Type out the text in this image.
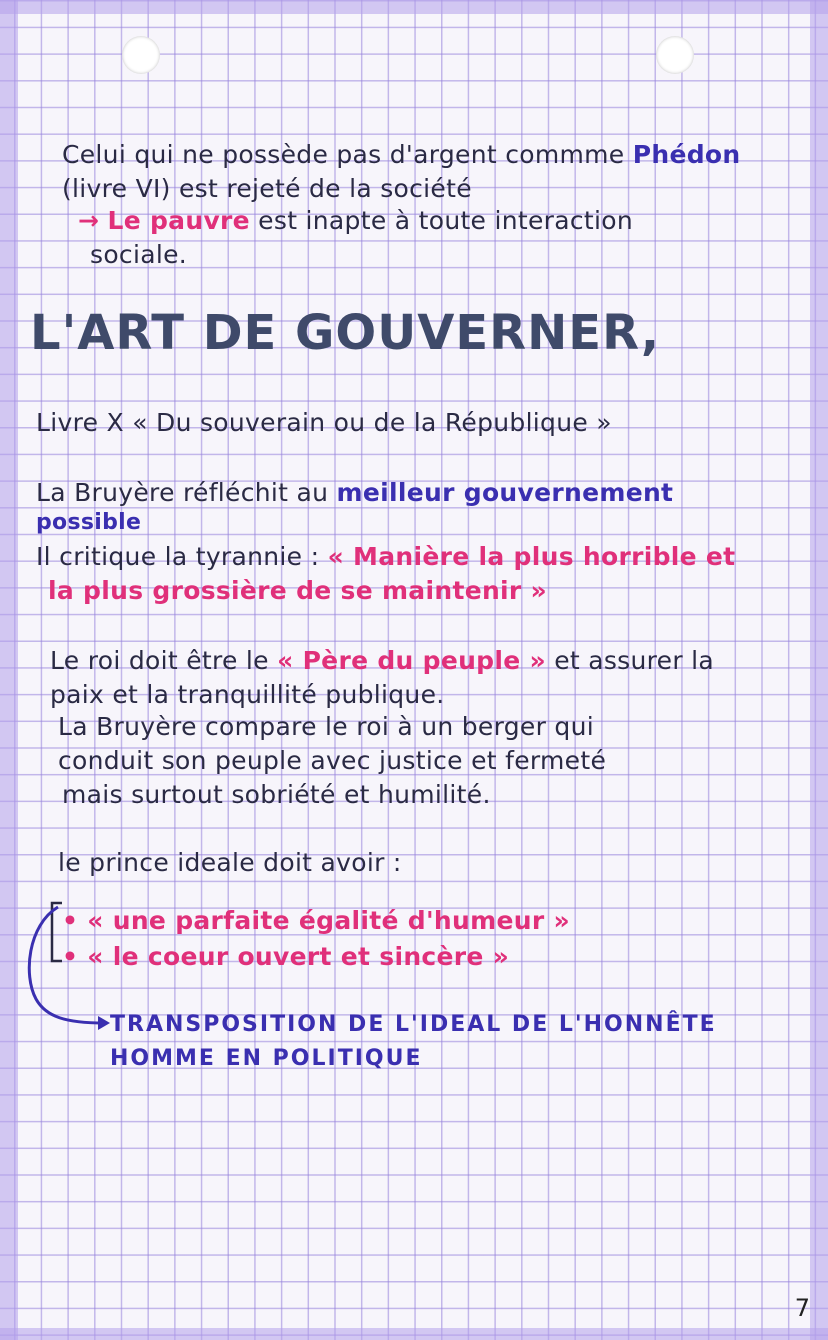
Celui qui ne possède pas d'argent commme Phédon
(livre VI) est rejeté de la société
→ Le pauvre est inapte à toute interaction
sociale.
L'ART DE GOUVERNER,
Livre X « Du souverain ou de la République »
La Bruyère réfléchit au meilleur gouvernement
possible
Il critique la tyrannie : « Manière la plus horrible et
la plus grossière de se maintenir »
Le roi doit être le « Père du peuple » et assurer la
paix et la tranquillité publique.
La Bruyère compare le roi à un berger qui
conduit son peuple avec justice et fermeté
mais surtout sobriété et humilité.
le prince ideale doit avoir :
• « une parfaite égalité d'humeur »
• « le coeur ouvert et sincère »
TRANSPOSITION DE L'IDEAL DE L'HONNÊTE
HOMME EN POLITIQUE
7
